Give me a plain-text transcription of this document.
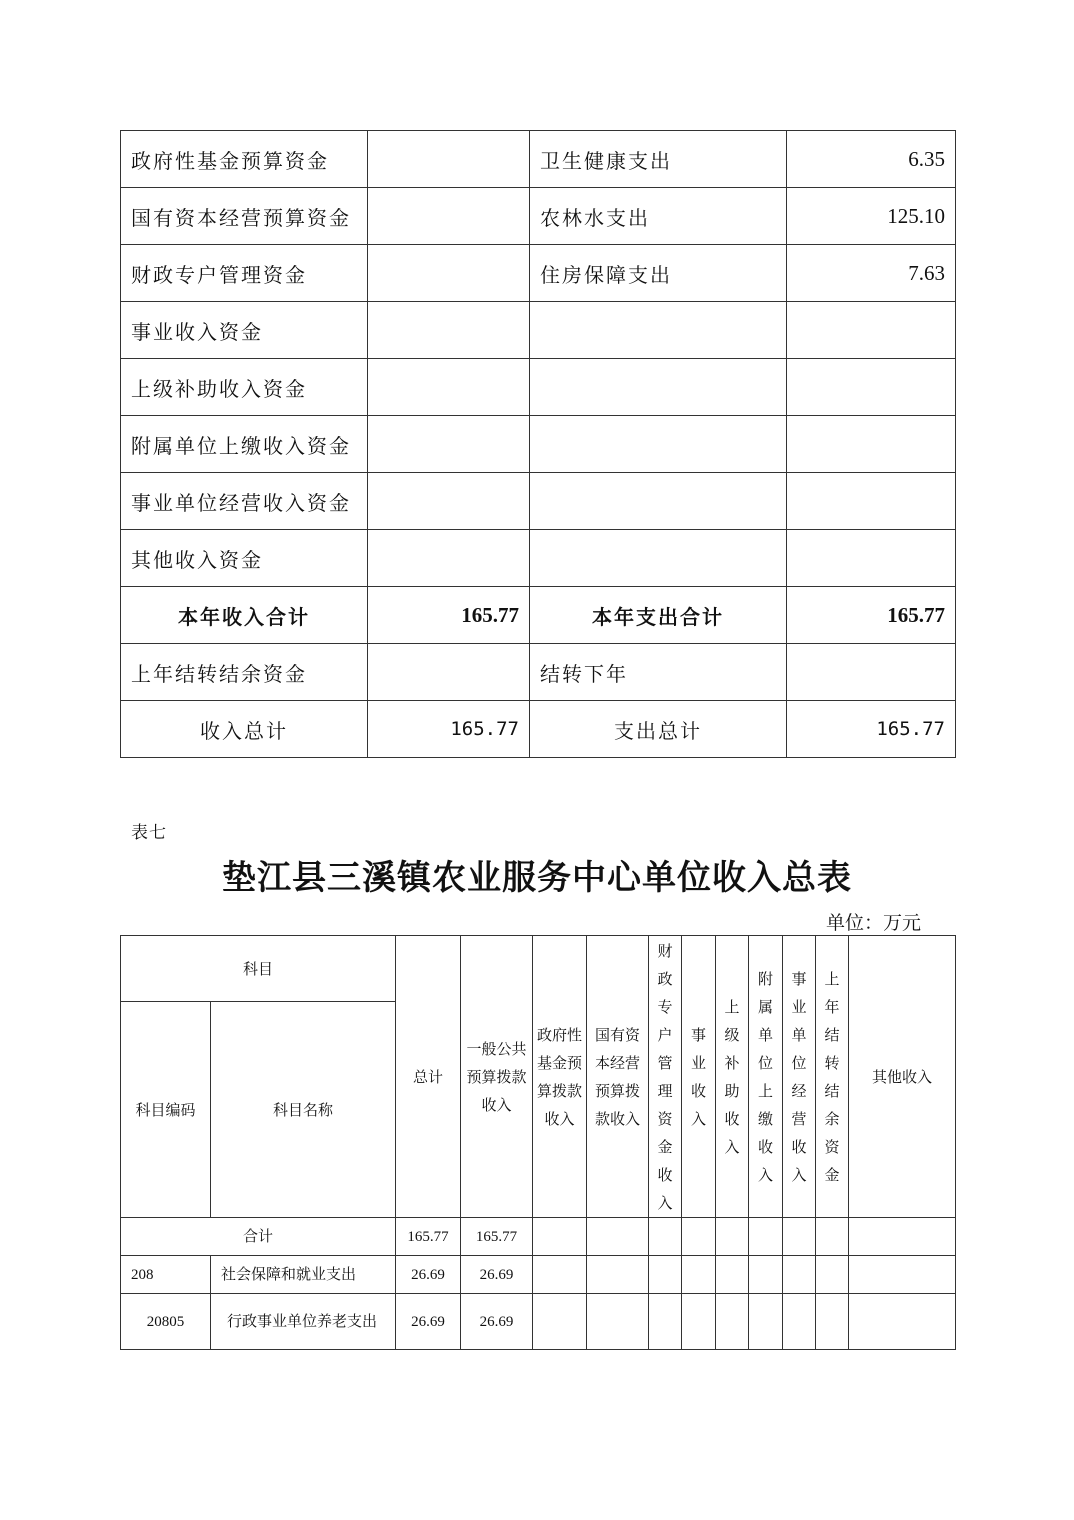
政府性基金预算资金		卫生健康支出	6.35
国有资本经营预算资金		农林水支出	125.10
财政专户管理资金		住房保障支出	7.63
事业收入资金			
上级补助收入资金			
附属单位上缴收入资金			
事业单位经营收入资金			
其他收入资金			
本年收入合计	165.77	本年支出合计	165.77
上年结转结余资金		结转下年	
收入总计	165.77	支出总计	165.77
表七
垫江县三溪镇农业服务中心单位收入总表
单位：万元
科目		总计	一般公共预算拨款收入	政府性基金预算拨款收入	国有资本经营预算拨款收入	财政专户管理资金收入	事业收入	上级补助收入	附属单位上缴收入	事业单位经营收入	上年结转结余资金	其他收入
科目编码	科目名称											
合计		165.77	165.77									
208	社会保障和就业支出	26.69	26.69									
20805	行政事业单位养老支出	26.69	26.69									
